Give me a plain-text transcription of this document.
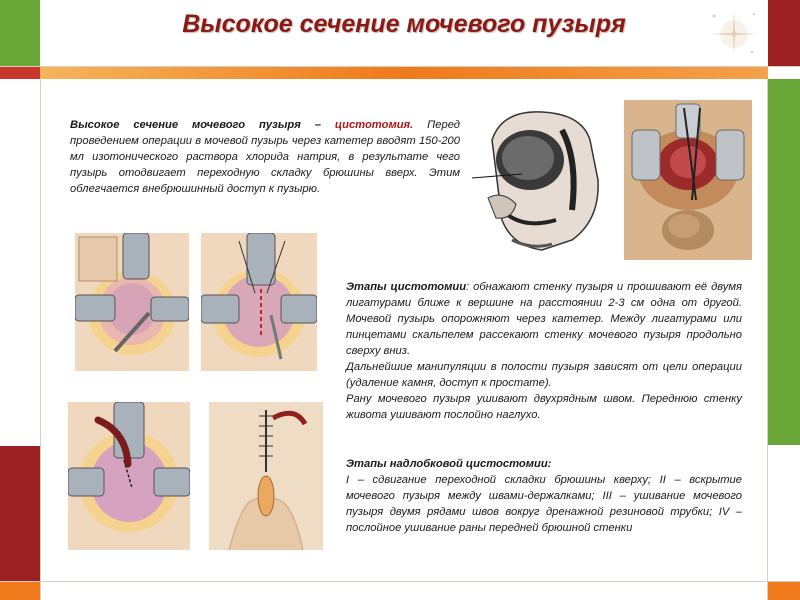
Высокое сечение мочевого пузыря
Высокое сечение мочевого пузыря – цистотомия. Перед проведением операции в мочевой пузырь через катетер вводят 150-200 мл изотонического раствора хлорида натрия, в результате чего пузырь отодвигает переходную складку брюшины вверх. Этим облегчается внебрюшинный доступ к пузырю.
Этапы цистотомии: обнажают стенку пузыря и прошивают её двумя лигатурами ближе к вершине на расстоянии 2-3 см одна от другой. Мочевой пузырь опорожняют через катетер. Между лигатурами или пинцетами скальпелем рассекают стенку мочевого пузыря продольно сверху вниз.
Дальнейшие манипуляции в полости пузыря зависят от цели операции (удаление камня, доступ к простате).
Рану мочевого пузыря ушивают двухрядным швом. Переднюю стенку живота ушивают послойно наглухо.
Этапы надлобковой цистостомии:
I – сдвигание переходной складки брюшины кверху; II – вскрытие мочевого пузыря между швами-держалками; III – ушивание мочевого пузыря двумя рядами швов вокруг дренажной резиновой трубки; IV – послойное ушивание раны передней брюшной стенки
